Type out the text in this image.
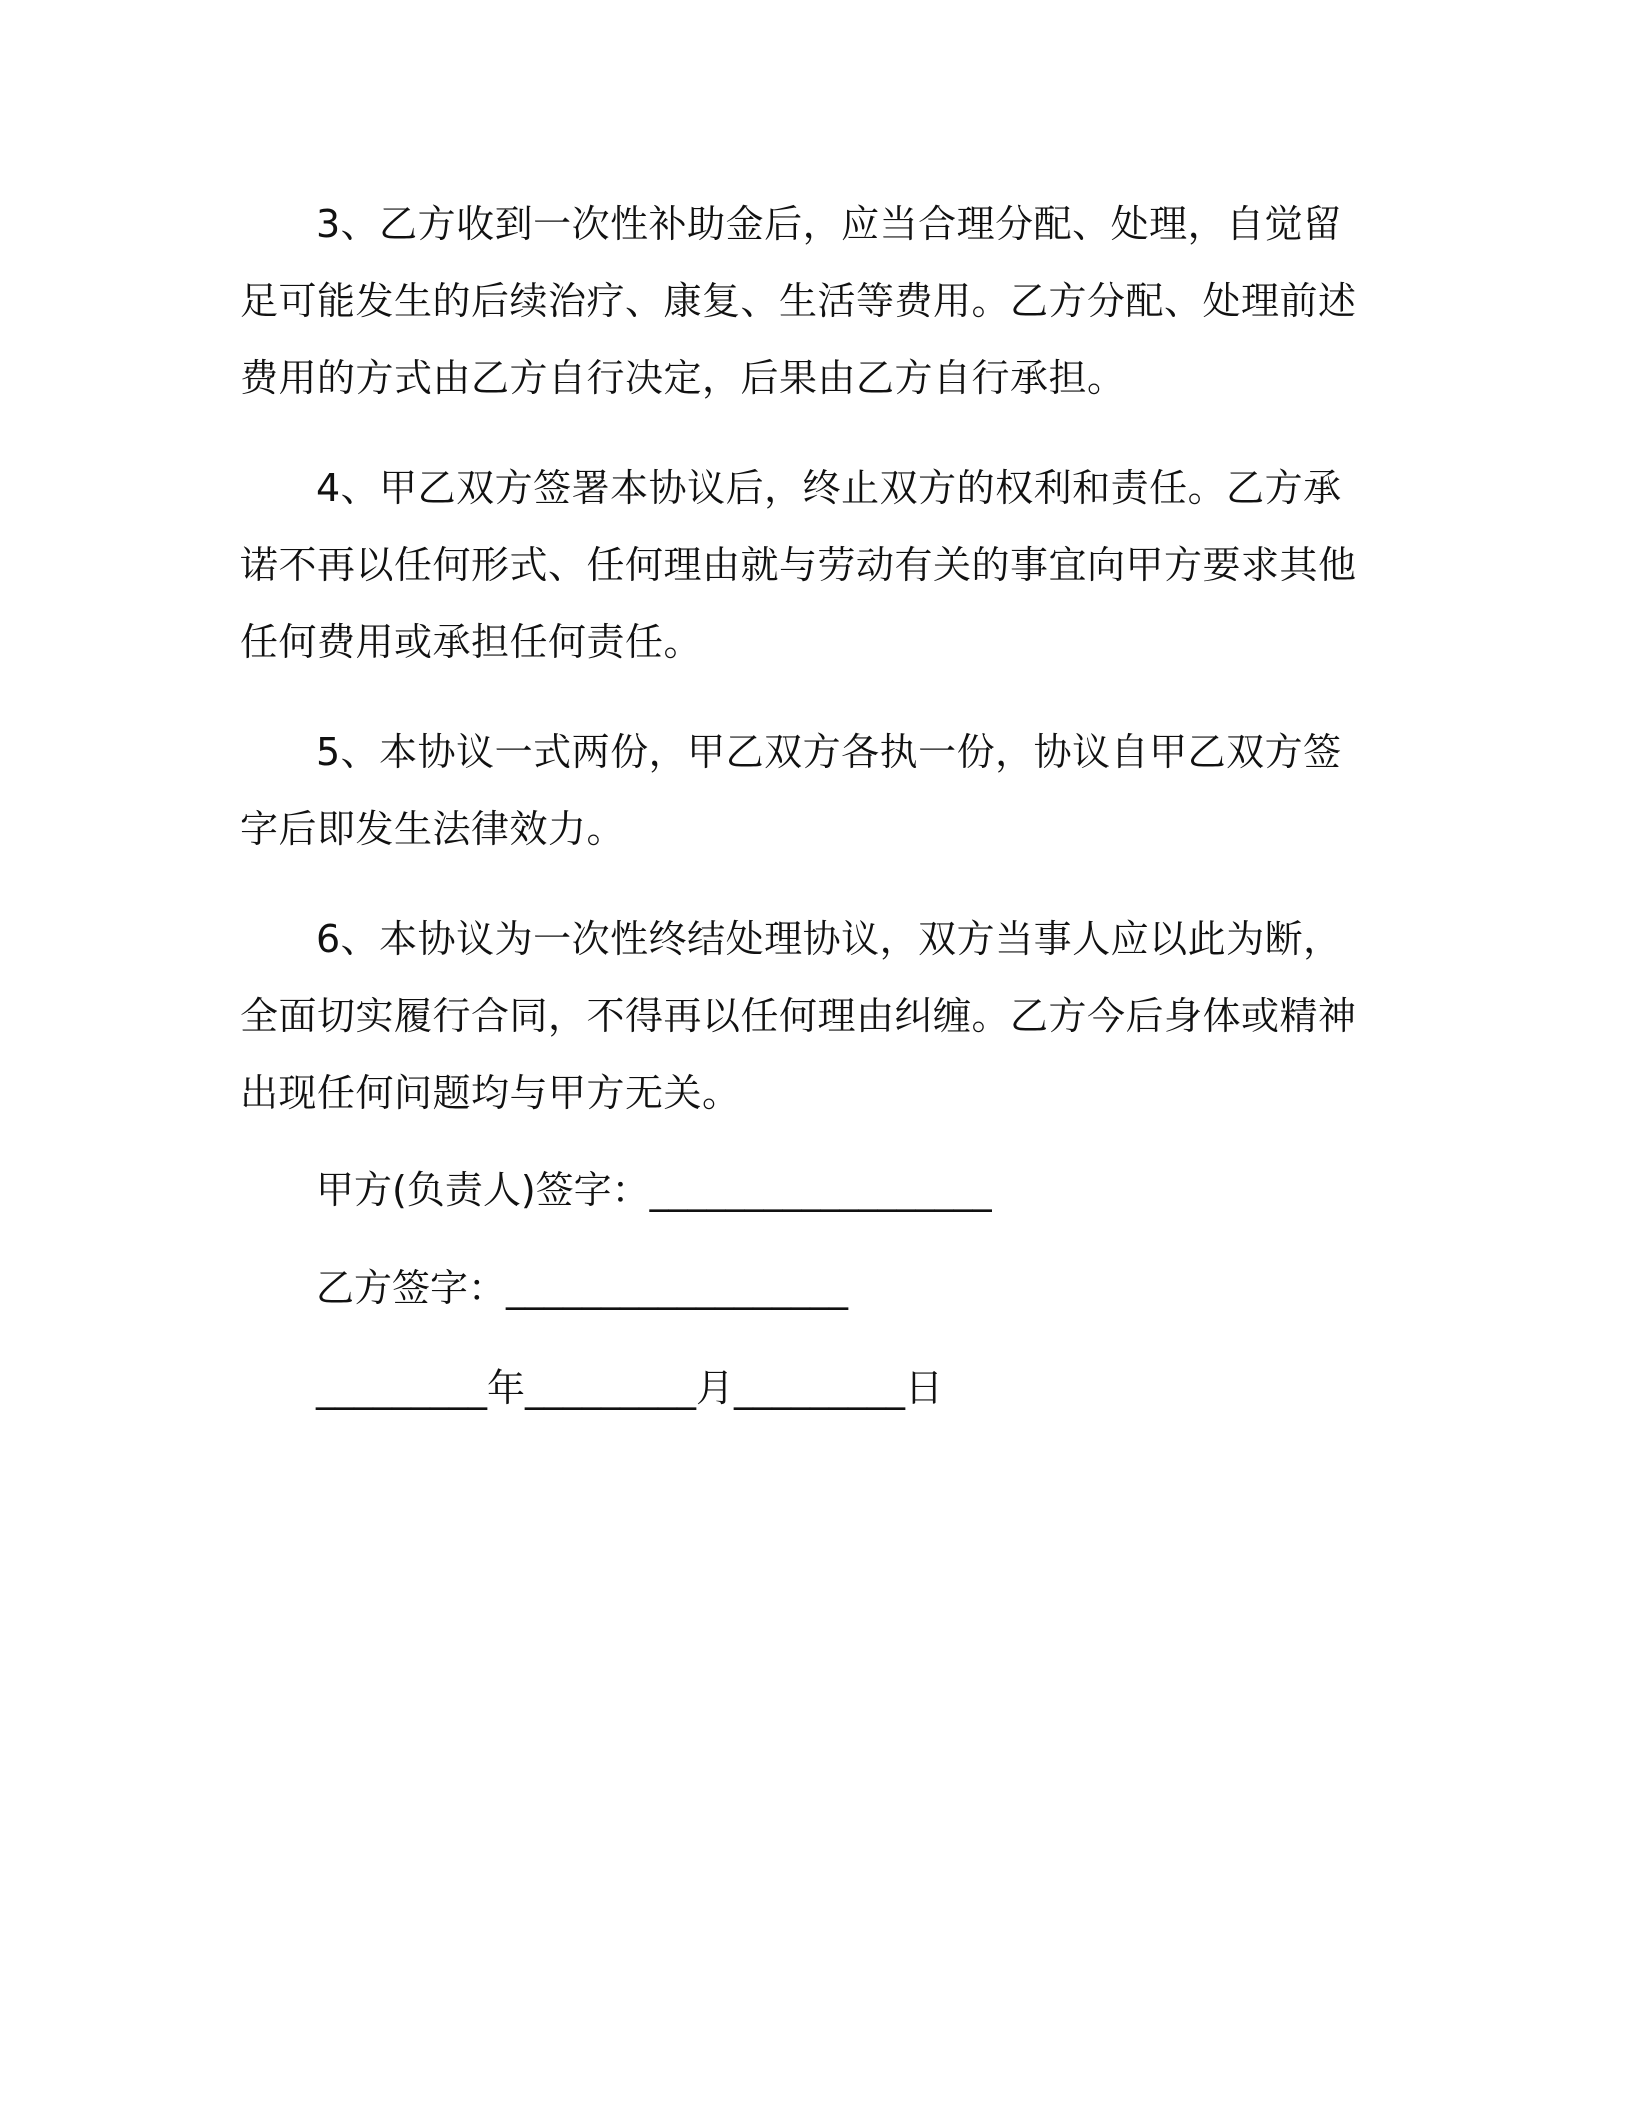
3、乙方收到一次性补助金后，应当合理分配、处理，自觉留足可能发生的后续治疗、康复、生活等费用。乙方分配、处理前述费用的方式由乙方自行决定，后果由乙方自行承担。

4、甲乙双方签署本协议后，终止双方的权利和责任。乙方承诺不再以任何形式、任何理由就与劳动有关的事宜向甲方要求其他任何费用或承担任何责任。

5、本协议一式两份，甲乙双方各执一份，协议自甲乙双方签字后即发生法律效力。

6、本协议为一次性终结处理协议，双方当事人应以此为断，全面切实履行合同，不得再以任何理由纠缠。乙方今后身体或精神出现任何问题均与甲方无关。

甲方(负责人)签字：__________________

乙方签字：__________________

_________年_________月_________日
